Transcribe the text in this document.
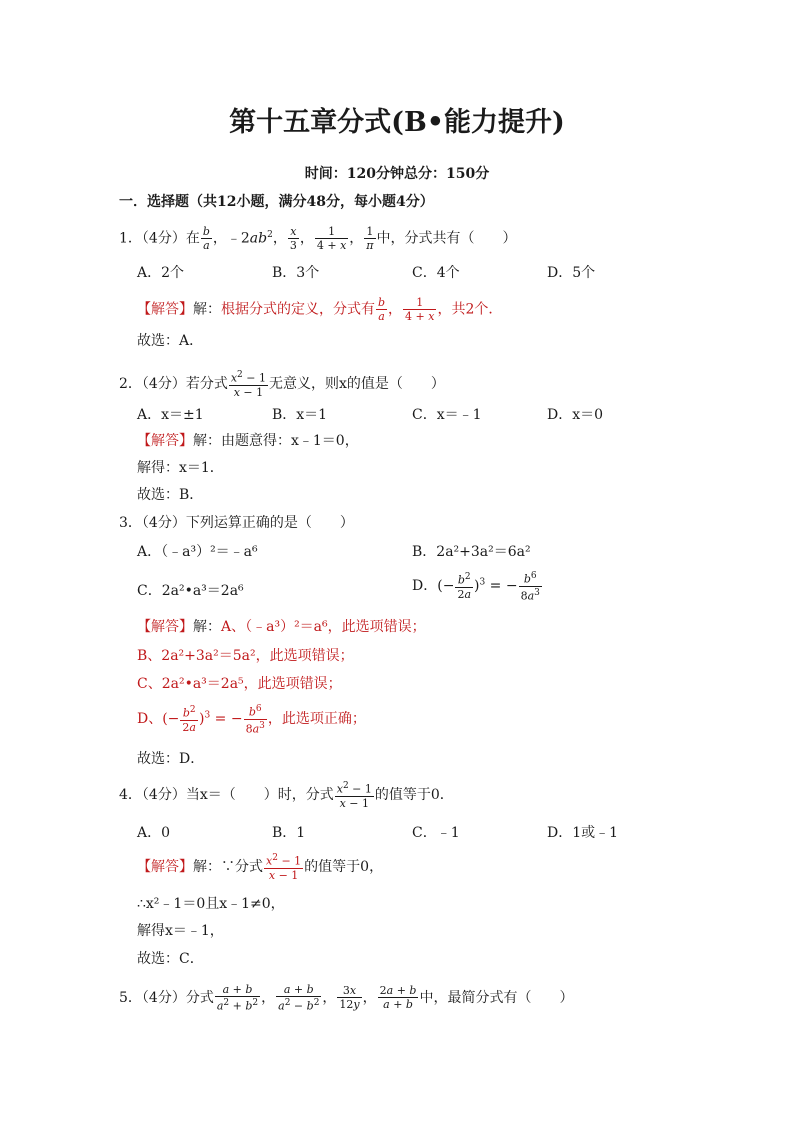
第十五章分式(B•能力提升)
时间：120分钟总分：150分
一．选择题（共12小题，满分48分，每小题4分）
1．（4分）在 $\frac{b}{a}$ ，$﹣2ab^2$， $\frac{x}{3}$ ， $\frac{1}{4 + x}$ ， $\frac{1}{\pi}$ 中，分式共有（　　）
A．2个	B．3个	C．4个	D．5个
【解答】解：根据分式的定义，分式有 $\frac{b}{a}$ ， $\frac{1}{4 + x}$ ，共2个．
故选：A．
2．（4分）若分式 $\frac{x^2 - 1}{x - 1}$ 无意义，则x的值是（　　）
A．x＝±1	B．x＝1	C．x＝﹣1	D．x＝0
【解答】解：由题意得：x﹣1＝0，
解得：x＝1．
故选：B．
3．（4分）下列运算正确的是（　　）
A．（﹣a³）²＝﹣a⁶	B．2a²+3a²＝6a²
C．2a²•a³＝2a⁶	D．(− $\frac{b^2}{2a} )^3$ = − $\frac{b^6}{8a^3}$
【解答】解：A、（﹣a³）²＝a⁶，此选项错误；
B、2a²+3a²＝5a²，此选项错误；
C、2a²•a³＝2a⁵，此选项错误；
D、(− $\frac{b^2}{2a} )^3$ = − $\frac{b^6}{8a^3}$ ，此选项正确；
故选：D．
4．（4分）当x＝（　　）时，分式 $\frac{x^2 - 1}{x - 1}$ 的值等于0．
A．0	B．1	C．﹣1	D．1或﹣1
【解答】解：∵分式 $\frac{x^2 - 1}{x - 1}$ 的值等于0，
∴x²﹣1＝0且x﹣1≠0，
解得x＝﹣1，
故选：C．
5．（4分）分式 $\frac{a + b}{a^2 + b^2}$ ， $\frac{a + b}{a^2 - b^2}$ ， $\frac{3x}{12y}$ ， $\frac{2a + b}{a + b}$ 中，最简分式有（　　）
